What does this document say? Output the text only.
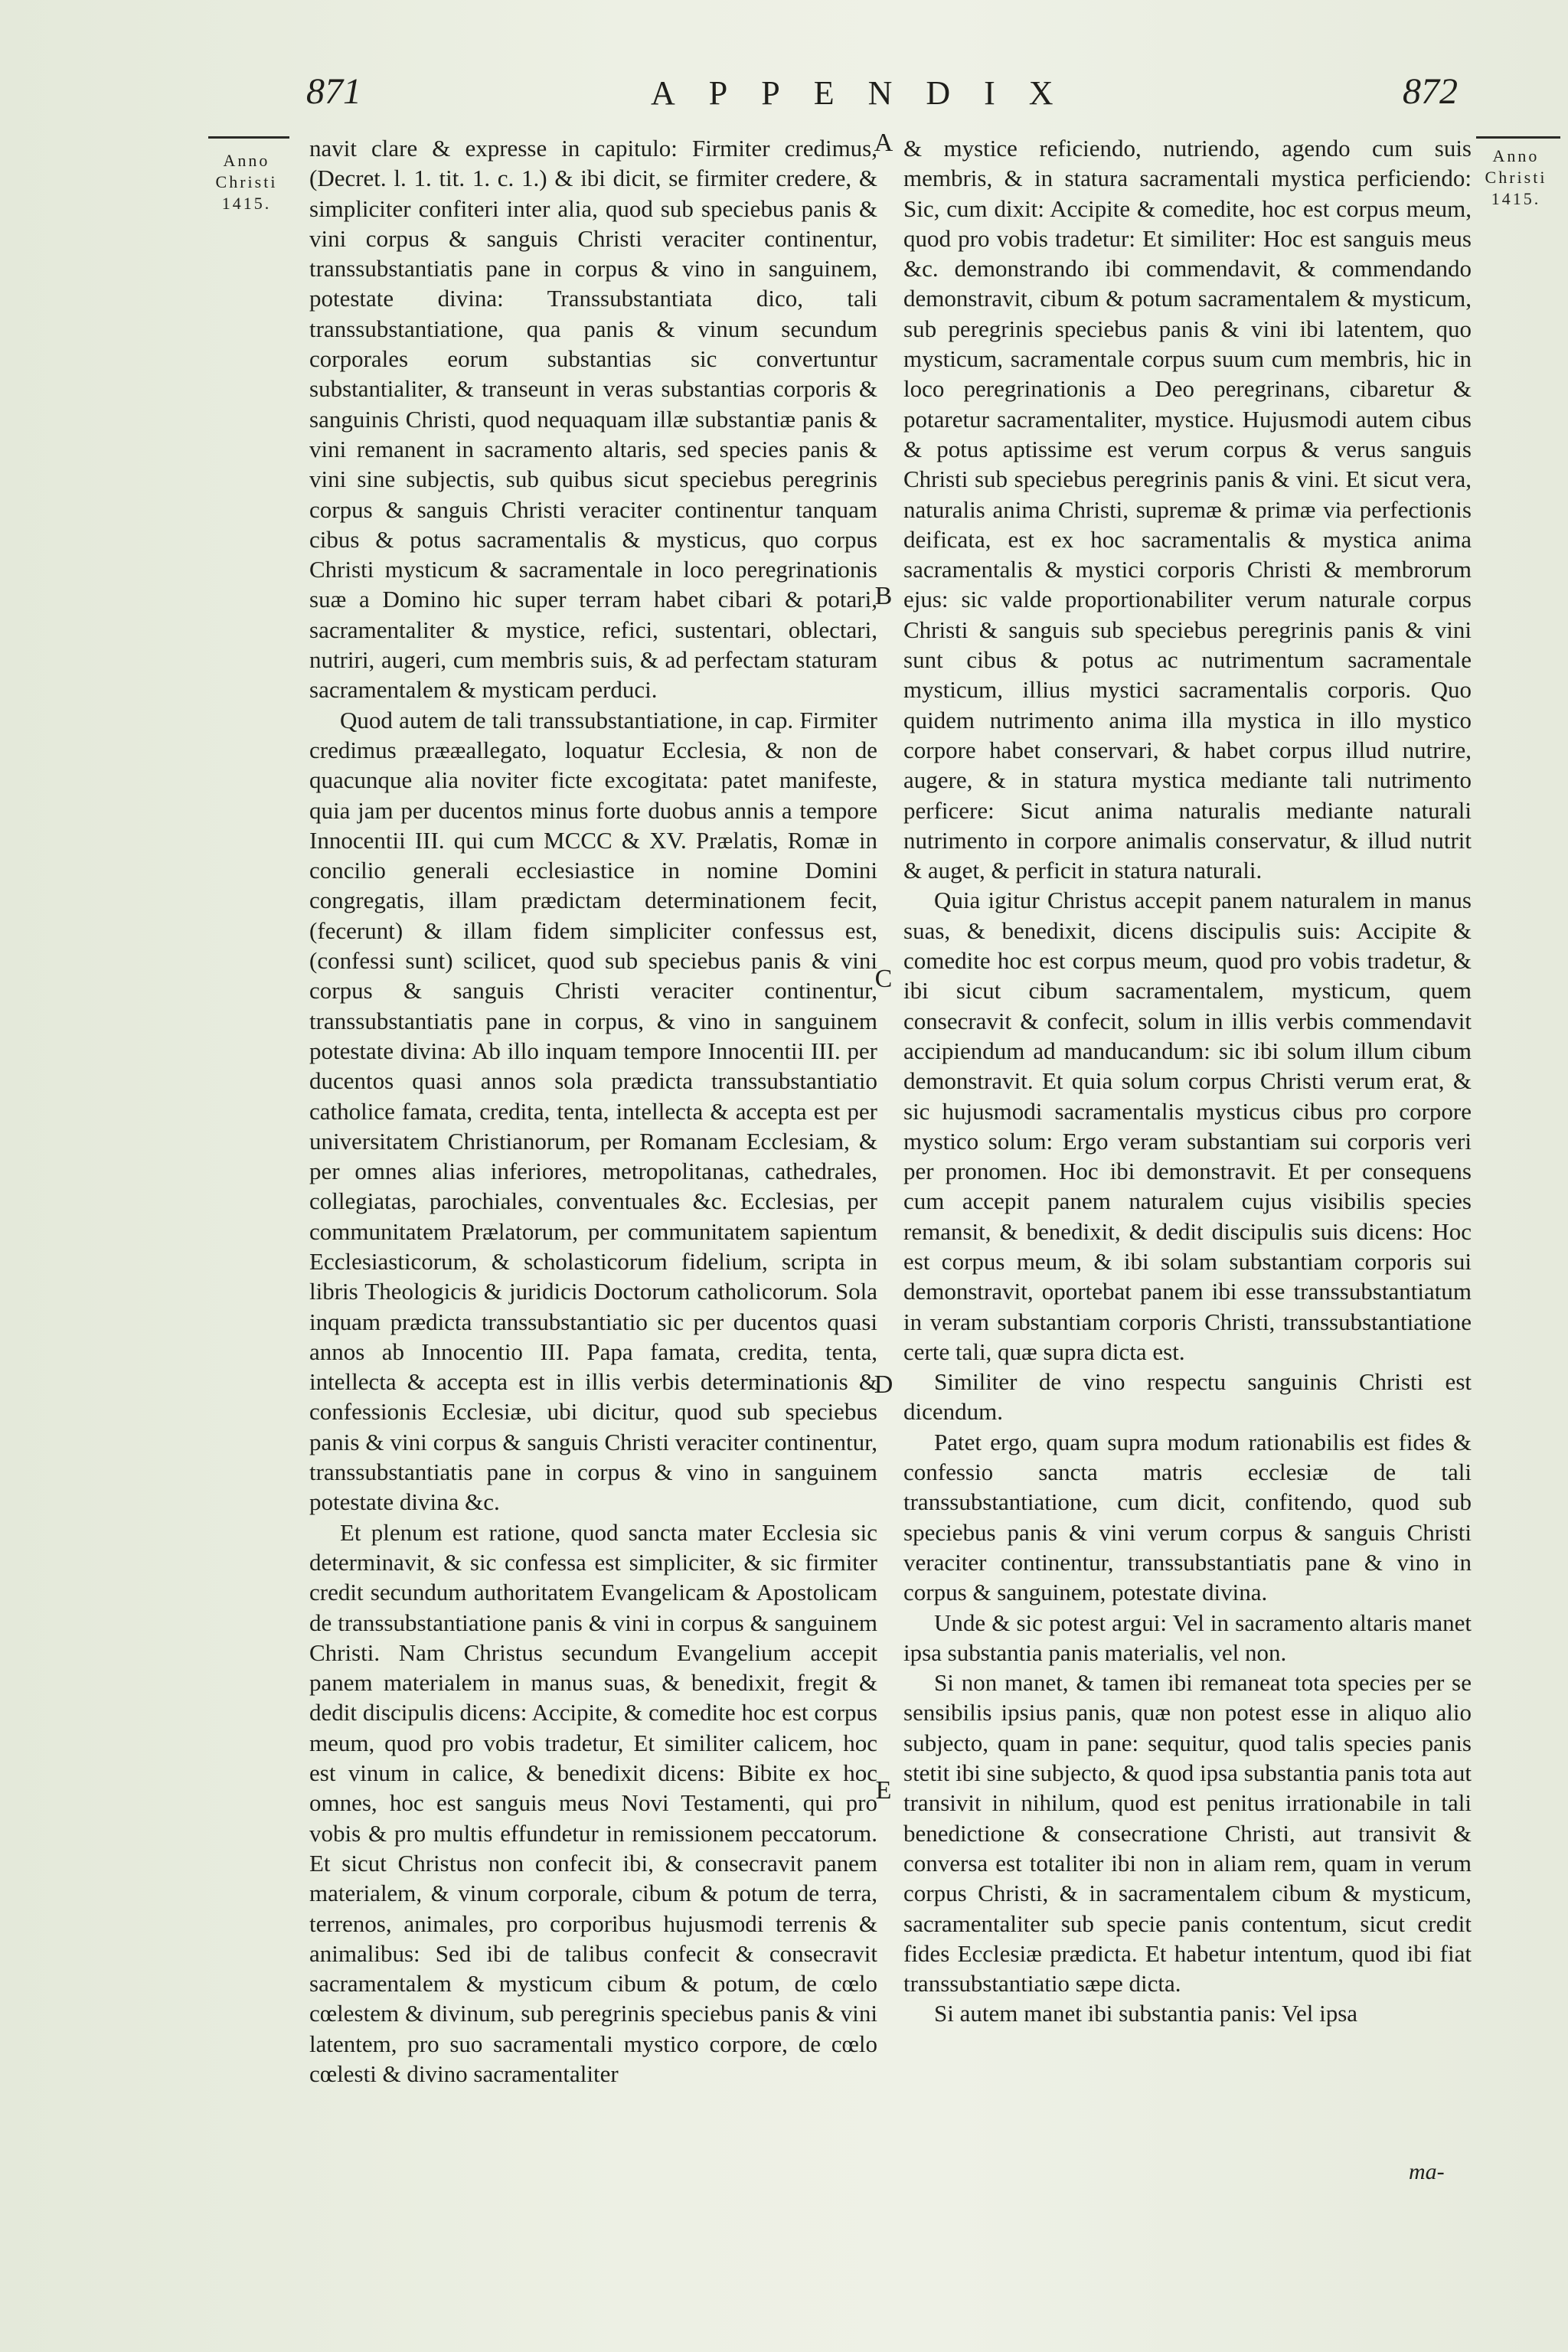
871	APPENDIX	872
Anno
Christi
1415.
Anno
Christi
1415.
A
B
C
D
E

navit clare & expresse in capitulo: Firmiter credimus, (Decret. l. 1. tit. 1. c. 1.) & ibi dicit, se firmiter credere, & simpliciter confiteri inter alia, quod sub speciebus panis & vini corpus & sanguis Christi veraciter continentur, transsubstantiatis pane in corpus & vino in sanguinem, potestate divina: Transsubstantiata dico, tali transsubstantiatione, qua panis & vinum secundum corporales eorum substantias sic convertuntur substantialiter, & transeunt in veras substantias corporis & sanguinis Christi, quod nequaquam illæ substantiæ panis & vini remanent in sacramento altaris, sed species panis & vini sine subjectis, sub quibus sicut speciebus peregrinis corpus & sanguis Christi veraciter continentur tanquam cibus & potus sacramentalis & mysticus, quo corpus Christi mysticum & sacramentale in loco peregrinationis suæ a Domino hic super terram habet cibari & potari, sacramentaliter & mystice, refici, sustentari, oblectari, nutriri, augeri, cum membris suis, & ad perfectam staturam sacramentalem & mysticam perduci.

Quod autem de tali transsubstantiatione, in cap. Firmiter credimus prææallegato, loquatur Ecclesia, & non de quacunque alia noviter ficte excogitata: patet manifeste, quia jam per ducentos minus forte duobus annis a tempore Innocentii III. qui cum MCCC & XV. Prælatis, Romæ in concilio generali ecclesiastice in nomine Domini congregatis, illam prædictam determinationem fecit, (fecerunt) & illam fidem simpliciter confessus est, (confessi sunt) scilicet, quod sub speciebus panis & vini corpus & sanguis Christi veraciter continentur, transsubstantiatis pane in corpus, & vino in sanguinem potestate divina: Ab illo inquam tempore Innocentii III. per ducentos quasi annos sola prædicta transsubstantiatio catholice famata, credita, tenta, intellecta & accepta est per universitatem Christianorum, per Romanam Ecclesiam, & per omnes alias inferiores, metropolitanas, cathedrales, collegiatas, parochiales, conventuales &c. Ecclesias, per communitatem Prælatorum, per communitatem sapientum Ecclesiasticorum, & scholasticorum fidelium, scripta in libris Theologicis & juridicis Doctorum catholicorum. Sola inquam prædicta transsubstantiatio sic per ducentos quasi annos ab Innocentio III. Papa famata, credita, tenta, intellecta & accepta est in illis verbis determinationis & confessionis Ecclesiæ, ubi dicitur, quod sub speciebus panis & vini corpus & sanguis Christi veraciter continentur, transsubstantiatis pane in corpus & vino in sanguinem potestate divina &c.

Et plenum est ratione, quod sancta mater Ecclesia sic determinavit, & sic confessa est simpliciter, & sic firmiter credit secundum authoritatem Evangelicam & Apostolicam de transsubstantiatione panis & vini in corpus & sanguinem Christi. Nam Christus secundum Evangelium accepit panem materialem in manus suas, & benedixit, fregit & dedit discipulis dicens: Accipite, & comedite hoc est corpus meum, quod pro vobis tradetur, Et similiter calicem, hoc est vinum in calice, & benedixit dicens: Bibite ex hoc omnes, hoc est sanguis meus Novi Testamenti, qui pro vobis & pro multis effundetur in remissionem peccatorum. Et sicut Christus non confecit ibi, & consecravit panem materialem, & vinum corporale, cibum & potum de terra, terrenos, animales, pro corporibus hujusmodi terrenis & animalibus: Sed ibi de talibus confecit & consecravit sacramentalem & mysticum cibum & potum, de cœlo cœlestem & divinum, sub peregrinis speciebus panis & vini latentem, pro suo sacramentali mystico corpore, de cœlo cœlesti & divino sacramentaliter

& mystice reficiendo, nutriendo, agendo cum suis membris, & in statura sacramentali mystica perficiendo: Sic, cum dixit: Accipite & comedite, hoc est corpus meum, quod pro vobis tradetur: Et similiter: Hoc est sanguis meus &c. demonstrando ibi commendavit, & commendando demonstravit, cibum & potum sacramentalem & mysticum, sub peregrinis speciebus panis & vini ibi latentem, quo mysticum, sacramentale corpus suum cum membris, hic in loco peregrinationis a Deo peregrinans, cibaretur & potaretur sacramentaliter, mystice. Hujusmodi autem cibus & potus aptissime est verum corpus & verus sanguis Christi sub speciebus peregrinis panis & vini. Et sicut vera, naturalis anima Christi, supremæ & primæ via perfectionis deificata, est ex hoc sacramentalis & mystica anima sacramentalis & mystici corporis Christi & membrorum ejus: sic valde proportionabiliter verum naturale corpus Christi & sanguis sub speciebus peregrinis panis & vini sunt cibus & potus ac nutrimentum sacramentale mysticum, illius mystici sacramentalis corporis. Quo quidem nutrimento anima illa mystica in illo mystico corpore habet conservari, & habet corpus illud nutrire, augere, & in statura mystica mediante tali nutrimento perficere: Sicut anima naturalis mediante naturali nutrimento in corpore animalis conservatur, & illud nutrit & auget, & perficit in statura naturali.

Quia igitur Christus accepit panem naturalem in manus suas, & benedixit, dicens discipulis suis: Accipite & comedite hoc est corpus meum, quod pro vobis tradetur, & ibi sicut cibum sacramentalem, mysticum, quem consecravit & confecit, solum in illis verbis commendavit accipiendum ad manducandum: sic ibi solum illum cibum demonstravit. Et quia solum corpus Christi verum erat, & sic hujusmodi sacramentalis mysticus cibus pro corpore mystico solum: Ergo veram substantiam sui corporis veri per pronomen. Hoc ibi demonstravit. Et per consequens cum accepit panem naturalem cujus visibilis species remansit, & benedixit, & dedit discipulis suis dicens: Hoc est corpus meum, & ibi solam substantiam corporis sui demonstravit, oportebat panem ibi esse transsubstantiatum in veram substantiam corporis Christi, transsubstantiatione certe tali, quæ supra dicta est.

Similiter de vino respectu sanguinis Christi est dicendum.

Patet ergo, quam supra modum rationabilis est fides & confessio sancta matris ecclesiæ de tali transsubstantiatione, cum dicit, confitendo, quod sub speciebus panis & vini verum corpus & sanguis Christi veraciter continentur, transsubstantiatis pane & vino in corpus & sanguinem, potestate divina.

Unde & sic potest argui: Vel in sacramento altaris manet ipsa substantia panis materialis, vel non.

Si non manet, & tamen ibi remaneat tota species per se sensibilis ipsius panis, quæ non potest esse in aliquo alio subjecto, quam in pane: sequitur, quod talis species panis stetit ibi sine subjecto, & quod ipsa substantia panis tota aut transivit in nihilum, quod est penitus irrationabile in tali benedictione & consecratione Christi, aut transivit & conversa est totaliter ibi non in aliam rem, quam in verum corpus Christi, & in sacramentalem cibum & mysticum, sacramentaliter sub specie panis contentum, sicut credit fides Ecclesiæ prædicta. Et habetur intentum, quod ibi fiat transsubstantiatio sæpe dicta.

Si autem manet ibi substantia panis: Vel ipsa

ma-
